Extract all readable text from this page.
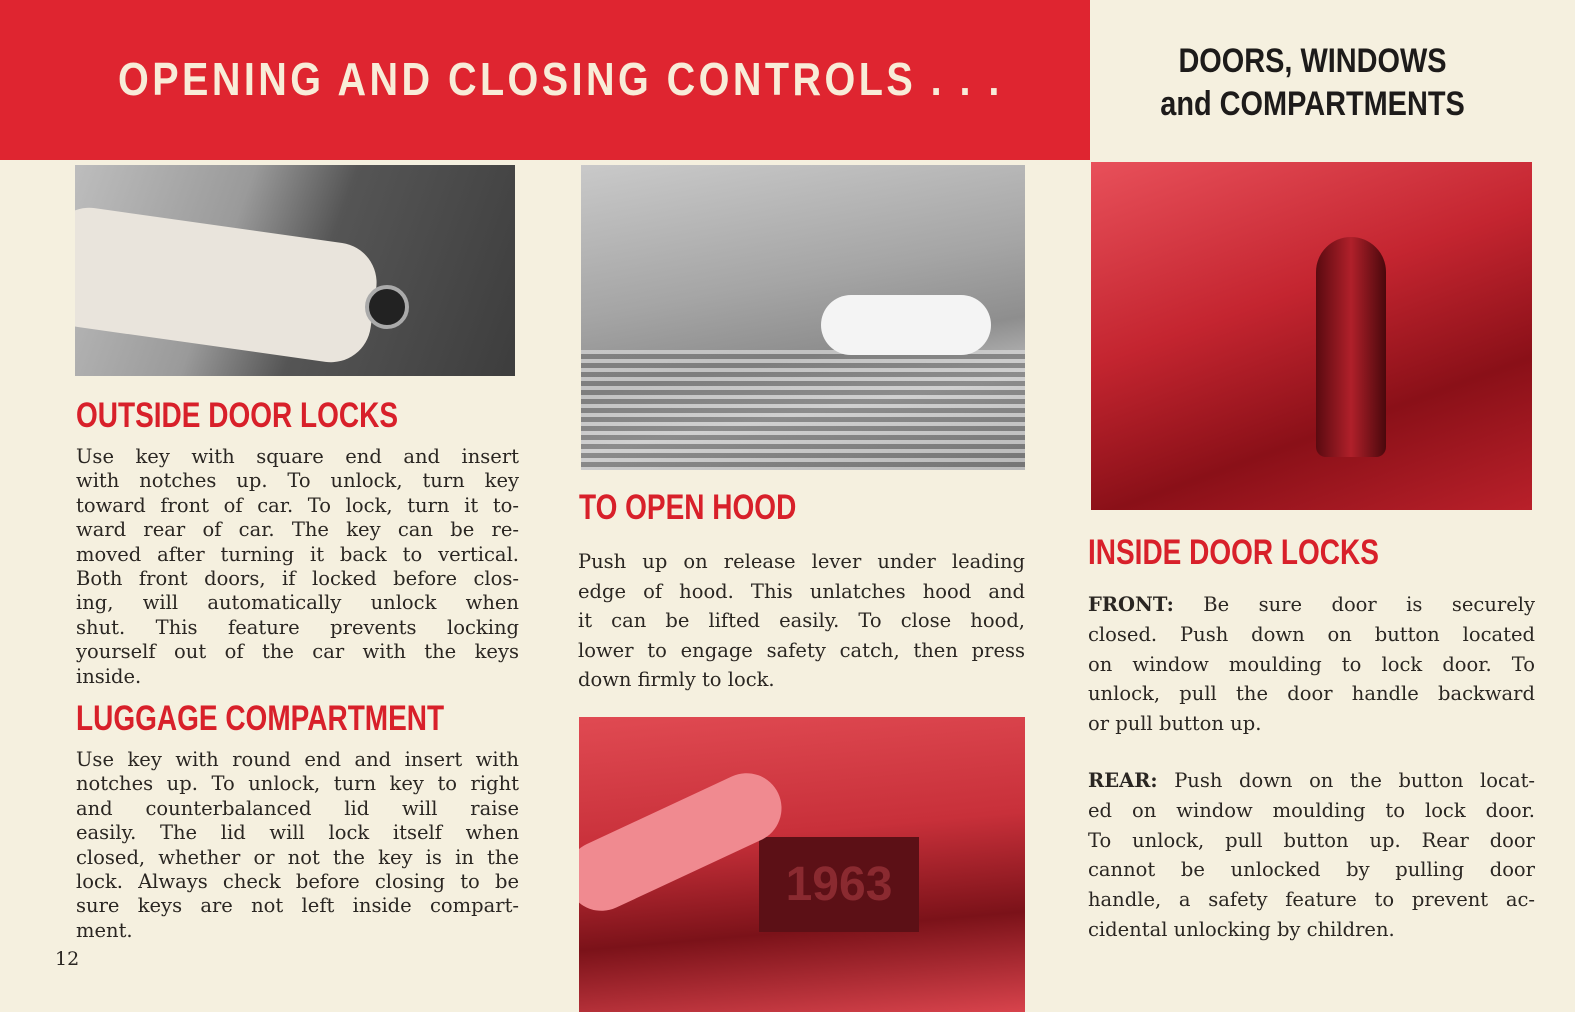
OPENING AND CLOSING CONTROLS . . .	DOORS, WINDOWS
and COMPARTMENTS
1963
OUTSIDE DOOR LOCKS
Use key with square end and insert
with notches up. To unlock, turn key
toward front of car. To lock, turn it to-
ward rear of car. The key can be re-
moved after turning it back to vertical.
Both front doors, if locked before clos-
ing, will automatically unlock when
shut. This feature prevents locking
yourself out of the car with the keys
inside.
LUGGAGE COMPARTMENT
Use key with round end and insert with
notches up. To unlock, turn key to right
and counterbalanced lid will raise
easily. The lid will lock itself when
closed, whether or not the key is in the
lock. Always check before closing to be
sure keys are not left inside compart-
ment.
TO OPEN HOOD
Push up on release lever under leading
edge of hood. This unlatches hood and
it can be lifted easily. To close hood,
lower to engage safety catch, then press
down firmly to lock.
INSIDE DOOR LOCKS
FRONT: Be sure door is securely
closed. Push down on button located
on window moulding to lock door. To
unlock, pull the door handle backward
or pull button up.
REAR: Push down on the button locat-
ed on window moulding to lock door.
To unlock, pull button up. Rear door
cannot be unlocked by pulling door
handle, a safety feature to prevent ac-
cidental unlocking by children.
12
